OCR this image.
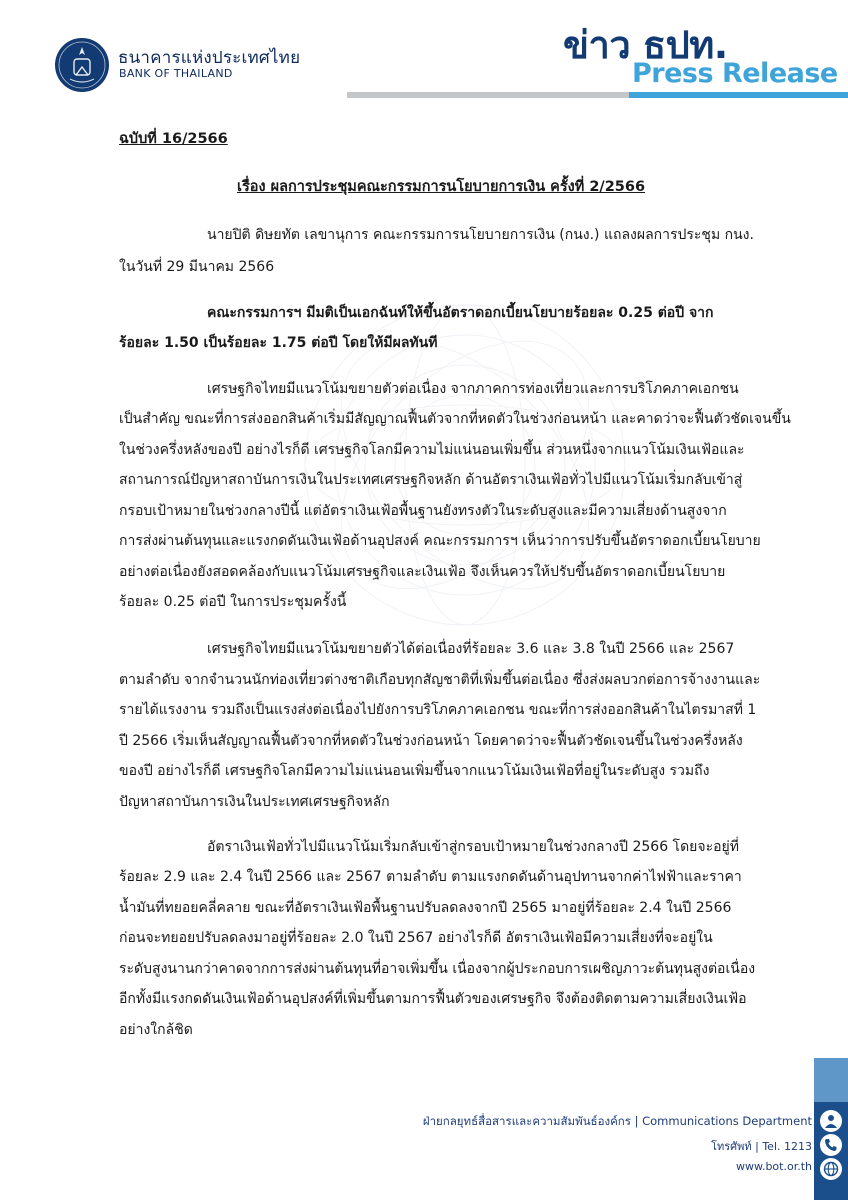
ธนาคารแห่งประเทศไทย
BANK OF THAILAND
ข่าว ธปท.
Press Release
ฉบับที่ 16/2566
เรื่อง ผลการประชุมคณะกรรมการนโยบายการเงิน ครั้งที่ 2/2566
นายปิติ ดิษยทัต เลขานุการ คณะกรรมการนโยบายการเงิน (กนง.) แถลงผลการประชุม กนง.
ในวันที่ 29 มีนาคม 2566
คณะกรรมการฯ มีมติเป็นเอกฉันท์ให้ขึ้นอัตราดอกเบี้ยนโยบายร้อยละ 0.25 ต่อปี จาก
ร้อยละ 1.50 เป็นร้อยละ 1.75 ต่อปี โดยให้มีผลทันที
เศรษฐกิจไทยมีแนวโน้มขยายตัวต่อเนื่อง จากภาคการท่องเที่ยวและการบริโภคภาคเอกชน
เป็นสำคัญ ขณะที่การส่งออกสินค้าเริ่มมีสัญญาณฟื้นตัวจากที่หดตัวในช่วงก่อนหน้า และคาดว่าจะฟื้นตัวชัดเจนขึ้น
ในช่วงครึ่งหลังของปี อย่างไรก็ดี เศรษฐกิจโลกมีความไม่แน่นอนเพิ่มขึ้น ส่วนหนึ่งจากแนวโน้มเงินเฟ้อและ
สถานการณ์ปัญหาสถาบันการเงินในประเทศเศรษฐกิจหลัก ด้านอัตราเงินเฟ้อทั่วไปมีแนวโน้มเริ่มกลับเข้าสู่
กรอบเป้าหมายในช่วงกลางปีนี้ แต่อัตราเงินเฟ้อพื้นฐานยังทรงตัวในระดับสูงและมีความเสี่ยงด้านสูงจาก
การส่งผ่านต้นทุนและแรงกดดันเงินเฟ้อด้านอุปสงค์ คณะกรรมการฯ เห็นว่าการปรับขึ้นอัตราดอกเบี้ยนโยบาย
อย่างต่อเนื่องยังสอดคล้องกับแนวโน้มเศรษฐกิจและเงินเฟ้อ จึงเห็นควรให้ปรับขึ้นอัตราดอกเบี้ยนโยบาย
ร้อยละ 0.25 ต่อปี ในการประชุมครั้งนี้
เศรษฐกิจไทยมีแนวโน้มขยายตัวได้ต่อเนื่องที่ร้อยละ 3.6 และ 3.8 ในปี 2566 และ 2567
ตามลำดับ จากจำนวนนักท่องเที่ยวต่างชาติเกือบทุกสัญชาติที่เพิ่มขึ้นต่อเนื่อง ซึ่งส่งผลบวกต่อการจ้างงานและ
รายได้แรงงาน รวมถึงเป็นแรงส่งต่อเนื่องไปยังการบริโภคภาคเอกชน ขณะที่การส่งออกสินค้าในไตรมาสที่ 1
ปี 2566 เริ่มเห็นสัญญาณฟื้นตัวจากที่หดตัวในช่วงก่อนหน้า โดยคาดว่าจะฟื้นตัวชัดเจนขึ้นในช่วงครึ่งหลัง
ของปี อย่างไรก็ดี เศรษฐกิจโลกมีความไม่แน่นอนเพิ่มขึ้นจากแนวโน้มเงินเฟ้อที่อยู่ในระดับสูง รวมถึง
ปัญหาสถาบันการเงินในประเทศเศรษฐกิจหลัก
อัตราเงินเฟ้อทั่วไปมีแนวโน้มเริ่มกลับเข้าสู่กรอบเป้าหมายในช่วงกลางปี 2566 โดยจะอยู่ที่
ร้อยละ 2.9 และ 2.4 ในปี 2566 และ 2567 ตามลำดับ ตามแรงกดดันด้านอุปทานจากค่าไฟฟ้าและราคา
น้ำมันที่ทยอยคลี่คลาย ขณะที่อัตราเงินเฟ้อพื้นฐานปรับลดลงจากปี 2565 มาอยู่ที่ร้อยละ 2.4 ในปี 2566
ก่อนจะทยอยปรับลดลงมาอยู่ที่ร้อยละ 2.0 ในปี 2567 อย่างไรก็ดี อัตราเงินเฟ้อมีความเสี่ยงที่จะอยู่ใน
ระดับสูงนานกว่าคาดจากการส่งผ่านต้นทุนที่อาจเพิ่มขึ้น เนื่องจากผู้ประกอบการเผชิญภาวะต้นทุนสูงต่อเนื่อง
อีกทั้งมีแรงกดดันเงินเฟ้อด้านอุปสงค์ที่เพิ่มขึ้นตามการฟื้นตัวของเศรษฐกิจ จึงต้องติดตามความเสี่ยงเงินเฟ้อ
อย่างใกล้ชิด
ฝ่ายกลยุทธ์สื่อสารและความสัมพันธ์องค์กร | Communications Department
โทรศัพท์ | Tel. 1213
www.bot.or.th
